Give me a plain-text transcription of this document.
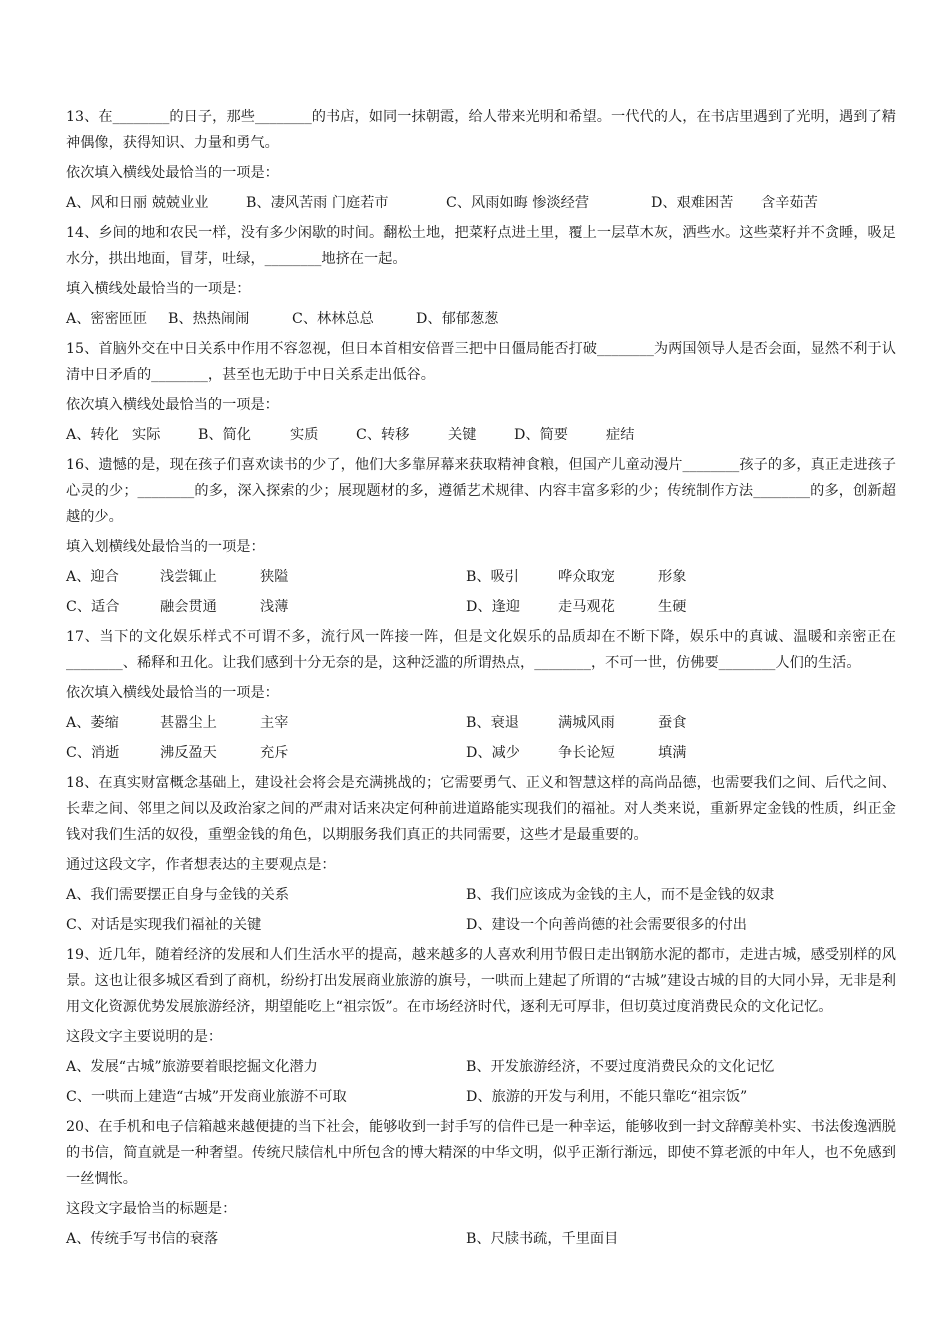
13、在________的日子，那些________的书店，如同一抹朝霞，给人带来光明和希望。一代代的人，在书店里遇到了光明，遇到了精神偶像，获得知识、力量和勇气。

依次填入横线处最恰当的一项是：

A、风和日丽 兢兢业业	B、凄风苦雨 门庭若市	C、风雨如晦 惨淡经营	D、艰难困苦 含辛茹苦

14、乡间的地和农民一样，没有多少闲歇的时间。翻松土地，把菜籽点进土里，覆上一层草木灰，洒些水。这些菜籽并不贪睡，吸足水分，拱出地面，冒芽，吐绿，________地挤在一起。

填入横线处最恰当的一项是：

A、密密匝匝 B、热热闹闹	C、林林总总	D、郁郁葱葱

15、首脑外交在中日关系中作用不容忽视，但日本首相安倍晋三把中日僵局能否打破________为两国领导人是否会面，显然不利于认清中日矛盾的________，甚至也无助于中日关系走出低谷。

依次填入横线处最恰当的一项是：

A、转化 实际	B、简化	实质	C、转移	关键	D、简要	症结

16、遗憾的是，现在孩子们喜欢读书的少了，他们大多靠屏幕来获取精神食粮，但国产儿童动漫片________孩子的多，真正走进孩子心灵的少；________的多，深入探索的少；展现题材的多，遵循艺术规律、内容丰富多彩的少；传统制作方法________的多，创新超越的少。

填入划横线处最恰当的一项是：

A、迎合	浅尝辄止	狭隘	B、吸引	哗众取宠	形象
C、适合	融会贯通	浅薄	D、逢迎	走马观花	生硬

17、当下的文化娱乐样式不可谓不多，流行风一阵接一阵，但是文化娱乐的品质却在不断下降，娱乐中的真诚、温暖和亲密正在________、稀释和丑化。让我们感到十分无奈的是，这种泛滥的所谓热点，________，不可一世，仿佛要________人们的生活。

依次填入横线处最恰当的一项是：

A、萎缩	甚嚣尘上	主宰	B、衰退	满城风雨	蚕食
C、消逝	沸反盈天	充斥	D、减少	争长论短	填满

18、在真实财富概念基础上，建设社会将会是充满挑战的；它需要勇气、正义和智慧这样的高尚品德，也需要我们之间、后代之间、长辈之间、邻里之间以及政治家之间的严肃对话来决定何种前进道路能实现我们的福祉。对人类来说，重新界定金钱的性质，纠正金钱对我们生活的奴役，重塑金钱的角色，以期服务我们真正的共同需要，这些才是最重要的。

通过这段文字，作者想表达的主要观点是：

A、我们需要摆正自身与金钱的关系	B、我们应该成为金钱的主人，而不是金钱的奴隶
C、对话是实现我们福祉的关键	D、建设一个向善尚德的社会需要很多的付出

19、近几年，随着经济的发展和人们生活水平的提高，越来越多的人喜欢利用节假日走出钢筋水泥的都市，走进古城，感受别样的风景。这也让很多城区看到了商机，纷纷打出发展商业旅游的旗号，一哄而上建起了所谓的“古城”建设古城的目的大同小异，无非是利用文化资源优势发展旅游经济，期望能吃上“祖宗饭”。在市场经济时代，逐利无可厚非，但切莫过度消费民众的文化记忆。

这段文字主要说明的是：

A、发展“古城”旅游要着眼挖掘文化潜力	B、开发旅游经济，不要过度消费民众的文化记忆
C、一哄而上建造“古城”开发商业旅游不可取	D、旅游的开发与利用，不能只靠吃“祖宗饭”

20、在手机和电子信箱越来越便捷的当下社会，能够收到一封手写的信件已是一种幸运，能够收到一封文辞醇美朴实、书法俊逸洒脱的书信，简直就是一种奢望。传统尺牍信札中所包含的博大精深的中华文明，似乎正渐行渐远，即使不算老派的中年人，也不免感到一丝惆怅。

这段文字最恰当的标题是：

A、传统手写书信的衰落	B、尺牍书疏，千里面目
